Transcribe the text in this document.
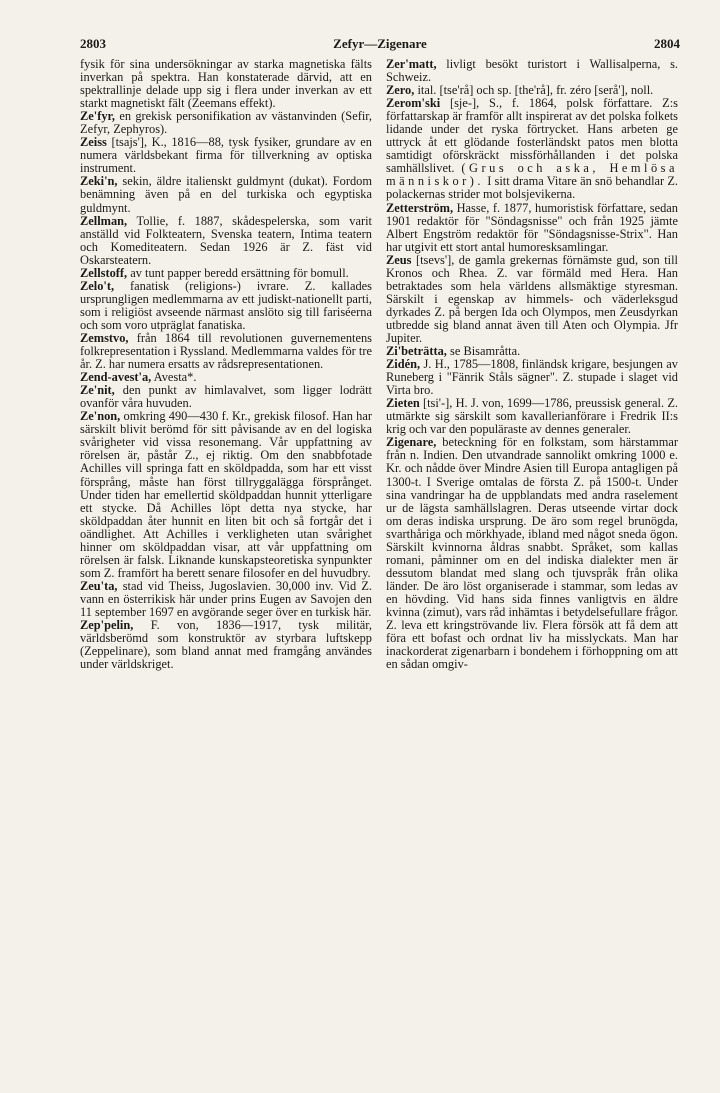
2803	Zefyr—Zigenare	2804

fysik för sina undersökningar av starka magnetiska fälts inverkan på spektra. Han konstaterade därvid, att en spektrallinje delade upp sig i flera under inverkan av ett starkt magnetiskt fält (Zeemans effekt).

Ze'fyr, en grekisk personifikation av västanvinden (Sefir, Zefyr, Zephyros).

Zeiss [tsajs'], K., 1816—88, tysk fysiker, grundare av en numera världsbekant firma för tillverkning av optiska instrument.

Zeki'n, sekin, äldre italienskt guldmynt (dukat). Fordom benämning även på en del turkiska och egyptiska guldmynt.

Zellman, Tollie, f. 1887, skådespelerska, som varit anställd vid Folkteatern, Svenska teatern, Intima teatern och Komediteatern. Sedan 1926 är Z. fäst vid Oskarsteatern.

Zellstoff, av tunt papper beredd ersättning för bomull.

Zelo't, fanatisk (religions-) ivrare. Z. kallades ursprungligen medlemmarna av ett judiskt-nationellt parti, som i religiöst avseende närmast anslöto sig till fariséerna och som voro utpräglat fanatiska.

Zemstvo, från 1864 till revolutionen guvernementens folkrepresentation i Ryssland. Medlemmarna valdes för tre år. Z. har numera ersatts av rådsrepresentationen.

Zend-avest'a, Avesta*.

Ze'nit, den punkt av himlavalvet, som ligger lodrätt ovanför våra huvuden.

Ze'non, omkring 490—430 f. Kr., grekisk filosof. Han har särskilt blivit berömd för sitt påvisande av en del logiska svårigheter vid vissa resonemang. Vår uppfattning av rörelsen är, påstår Z., ej riktig. Om den snabbfotade Achilles vill springa fatt en sköldpadda, som har ett visst försprång, måste han först tillryggalägga försprånget. Under tiden har emellertid sköldpaddan hunnit ytterligare ett stycke. Då Achilles löpt detta nya stycke, har sköldpaddan åter hunnit en liten bit och så fortgår det i oändlighet. Att Achilles i verkligheten utan svårighet hinner om sköldpaddan visar, att vår uppfattning om rörelsen är falsk. Liknande kunskapsteoretiska synpunkter som Z. framfört ha berett senare filosofer en del huvudbry.

Zeu'ta, stad vid Theiss, Jugoslavien. 30,000 inv. Vid Z. vann en österrikisk här under prins Eugen av Savojen den 11 september 1697 en avgörande seger över en turkisk här.

Zep'pelin, F. von, 1836—1917, tysk militär, världsberömd som konstruktör av styrbara luftskepp (Zeppelinare), som bland annat med framgång användes under världskriget.

Zer'matt, livligt besökt turistort i Wallisalperna, s. Schweiz.

Zero, ital. [tse'rå] och sp. [the'rå], fr. zéro [serå'], noll.

Zerom'ski [sje-], S., f. 1864, polsk författare. Z:s författarskap är framför allt inspirerat av det polska folkets lidande under det ryska förtrycket. Hans arbeten ge uttryck åt ett glödande fosterländskt patos men blotta samtidigt oförskräckt missförhållanden i det polska samhällslivet. (Grus och aska, Hemlösa människor). I sitt drama Vitare än snö behandlar Z. polackernas strider mot bolsjevikerna.

Zetterström, Hasse, f. 1877, humoristisk författare, sedan 1901 redaktör för "Söndagsnisse" och från 1925 jämte Albert Engström redaktör för "Söndagsnisse-Strix". Han har utgivit ett stort antal humoresksamlingar.

Zeus [tsevs'], de gamla grekernas förnämste gud, son till Kronos och Rhea. Z. var förmäld med Hera. Han betraktades som hela världens allsmäktige styresman. Särskilt i egenskap av himmels- och väderleksgud dyrkades Z. på bergen Ida och Olympos, men Zeusdyrkan utbredde sig bland annat även till Aten och Olympia. Jfr Jupiter.

Zi'beträtta, se Bisamråtta.

Zidén, J. H., 1785—1808, finländsk krigare, besjungen av Runeberg i "Fänrik Ståls sägner". Z. stupade i slaget vid Virta bro.

Zieten [tsi'-], H. J. von, 1699—1786, preussisk general. Z. utmärkte sig särskilt som kavallerianförare i Fredrik II:s krig och var den populäraste av dennes generaler.

Zigenare, beteckning för en folkstam, som härstammar från n. Indien. Den utvandrade sannolikt omkring 1000 e. Kr. och nådde över Mindre Asien till Europa antagligen på 1300-t. I Sverige omtalas de första Z. på 1500-t. Under sina vandringar ha de uppblandats med andra raselement ur de lägsta samhällslagren. Deras utseende virtar dock om deras indiska ursprung. De äro som regel brunögda, svarthåriga och mörkhyade, ibland med något sneda ögon. Särskilt kvinnorna åldras snabbt. Språket, som kallas romani, påminner om en del indiska dialekter men är dessutom blandat med slang och tjuvspråk från olika länder. De äro löst organiserade i stammar, som ledas av en hövding. Vid hans sida finnes vanligtvis en äldre kvinna (zimut), vars råd inhämtas i betydelsefullare frågor. Z. leva ett kringströvande liv. Flera försök att få dem att föra ett bofast och ordnat liv ha misslyckats. Man har inackorderat zigenarbarn i bondehem i förhoppning om att en sådan omgiv-
